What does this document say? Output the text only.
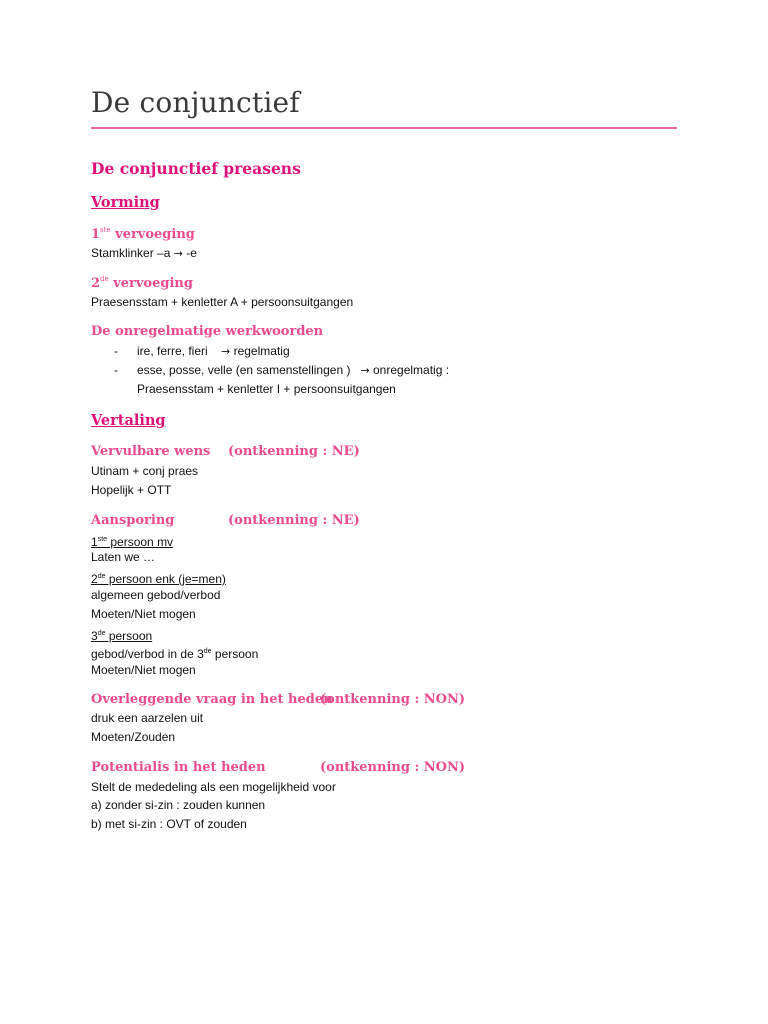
De conjunctief
De conjunctief preasens
Vorming
1ste vervoeging
Stamklinker –a → -e
2de vervoeging
Praesensstam + kenletter A + persoonsuitgangen
De onregelmatige werkwoorden
- ire, ferre, fieri    → regelmatig
- esse, posse, velle (en samenstellingen )   → onregelmatig :
Praesensstam + kenletter I + persoonsuitgangen
Vertaling
Vervulbare wens (ontkenning : NE)
Utinam + conj praes
Hopelijk + OTT
Aansporing	(ontkenning : NE)
1ste persoon mv
Laten we …
2de persoon enk (je=men)
algemeen gebod/verbod
Moeten/Niet mogen
3de persoon
gebod/verbod in de 3de persoon
Moeten/Niet mogen
Overleggende vraag in het heden
(ontkenning : NON)
druk een aarzelen uit
Moeten/Zouden
Potentialis in het heden	(ontkenning : NON)
Stelt de mededeling als een mogelijkheid voor
a) zonder si-zin : zouden kunnen
b) met si-zin : OVT of zouden
